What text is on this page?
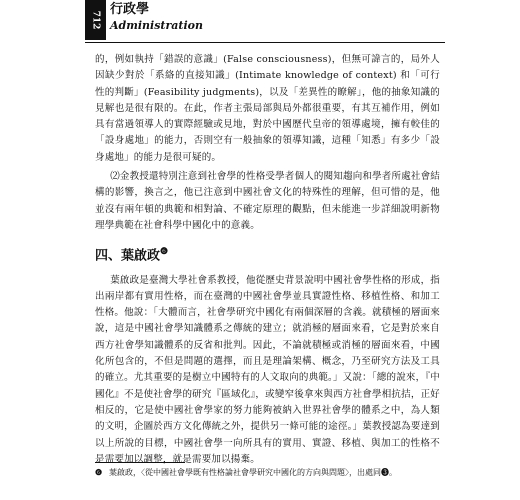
712
行政學
Administration

的，例如執持「錯誤的意識」(False consciousness)，但無可諱言的，局外人因缺少對於「系絡的直接知識」(Intimate knowledge of context) 和「可行性的判斷」(Feasibility judgments)，以及「差異性的瞭解」，他的抽象知識的見解也是很有限的。在此，作者主張局部與局外都很重要，有其互補作用，例如具有當過領導人的實際經驗或見地，對於中國歷代皇帝的領導處境，擁有較佳的「設身處地」的能力，否則空有一般抽象的領導知識，這種「知悉」有多少「設身處地」的能力是很可疑的。

⑵金教授還特別注意到社會學的性格受學者個人的閱知趨向和學者所處社會結構的影響，換言之，他已注意到中國社會文化的特殊性的理解，但可惜的是，他並沒有兩年頓的典範和相對論、不確定原理的觀點，但未能進一步詳細說明新物理學典範在社會科學中國化中的意義。

四、葉啟政$^❻$

葉啟政是臺灣大學社會系教授，他從歷史背景說明中國社會學性格的形成，指出兩岸都有實用性格，而在臺灣的中國社會學並具實證性格、移植性格、和加工性格。他說：「大體而言，社會學研究中國化有兩個深層的含義。就積極的層面來說，這是中國社會學知識體系之傳統的建立；就消極的層面來看，它是對於來自西方社會學知識體系的反省和批判。因此，不論就積極或消極的層面來看，中國化所包含的，不但是問題的選擇，而且是理論架構、概念，乃至研究方法及工具的確立。尤其重要的是樹立中國特有的人文取向的典範。」又說：「總的說來，『中國化』不是使社會學的研究『區域化』，或變窄後拿來與西方社會學相抗拮，正好相反的，它是使中國社會學家的努力能夠被納入世界社會學的體系之中，為人類的文明，企圖於西方文化傳統之外，提供另一條可能的途徑。」葉教授認為要達到以上所說的目標，中國社會學一向所具有的實用、實證、移植、與加工的性格不是需要加以調整，就是需要加以揚棄。

❻ 葉啟政，〈從中國社會學既有性格論社會學研究中國化的方向與問題〉，出處同❸。
